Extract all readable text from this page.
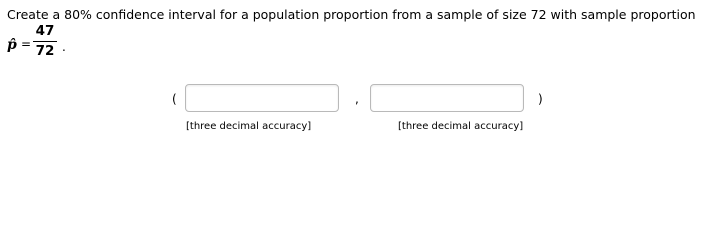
Create a 80% confidence interval for a population proportion from a sample of size 72 with sample proportion
p̂ =
47
72 .
(	,	)
[three decimal accuracy]	[three decimal accuracy]
